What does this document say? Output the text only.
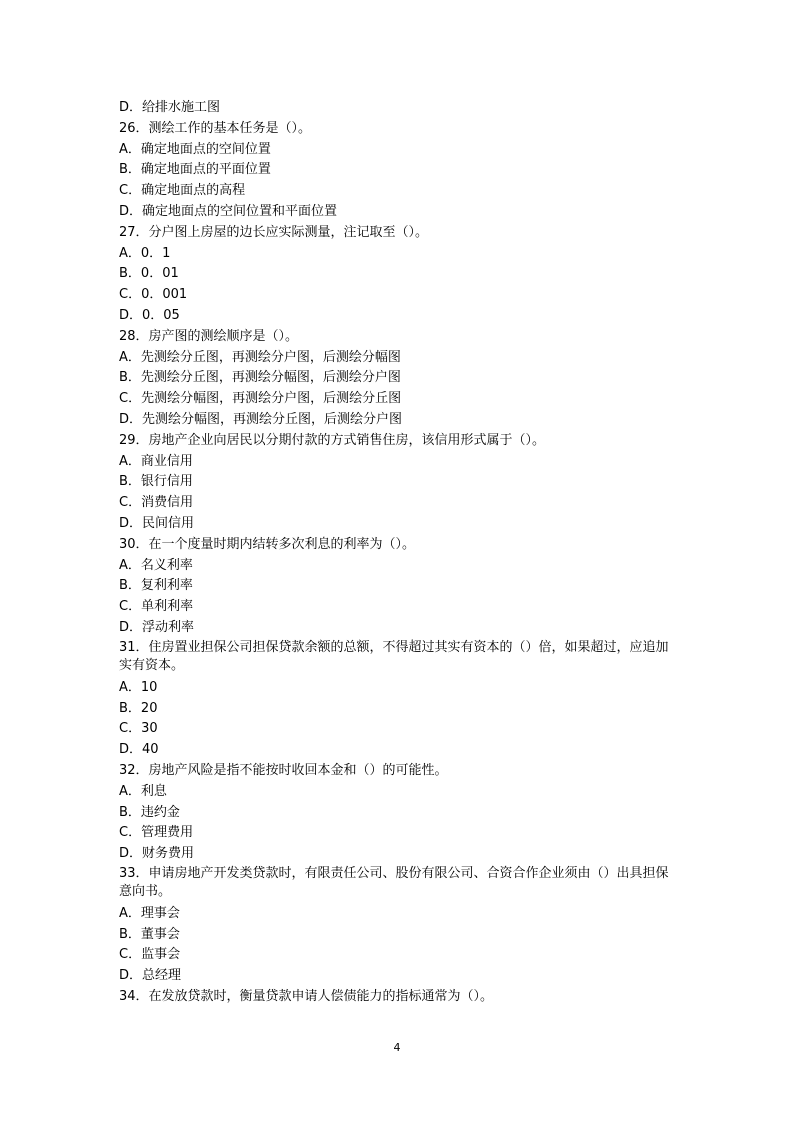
D．给排水施工图
26．测绘工作的基本任务是（）。
A．确定地面点的空间位置
B．确定地面点的平面位置
C．确定地面点的高程
D．确定地面点的空间位置和平面位置
27．分户图上房屋的边长应实际测量，注记取至（）。
A．0．1
B．0．01
C．0．001
D．0．05
28．房产图的测绘顺序是（）。
A．先测绘分丘图，再测绘分户图，后测绘分幅图
B．先测绘分丘图，再测绘分幅图，后测绘分户图
C．先测绘分幅图，再测绘分户图，后测绘分丘图
D．先测绘分幅图，再测绘分丘图，后测绘分户图
29．房地产企业向居民以分期付款的方式销售住房，该信用形式属于（）。
A．商业信用
B．银行信用
C．消费信用
D．民间信用
30．在一个度量时期内结转多次利息的利率为（）。
A．名义利率
B．复利利率
C．单利利率
D．浮动利率
31．住房置业担保公司担保贷款余额的总额，不得超过其实有资本的（）倍，如果超过，应追加实有资本。
A．10
B．20
C．30
D．40
32．房地产风险是指不能按时收回本金和（）的可能性。
A．利息
B．违约金
C．管理费用
D．财务费用
33．申请房地产开发类贷款时，有限责任公司、股份有限公司、合资合作企业须由（）出具担保意向书。
A．理事会
B．董事会
C．监事会
D．总经理
34．在发放贷款时，衡量贷款申请人偿债能力的指标通常为（）。
4
